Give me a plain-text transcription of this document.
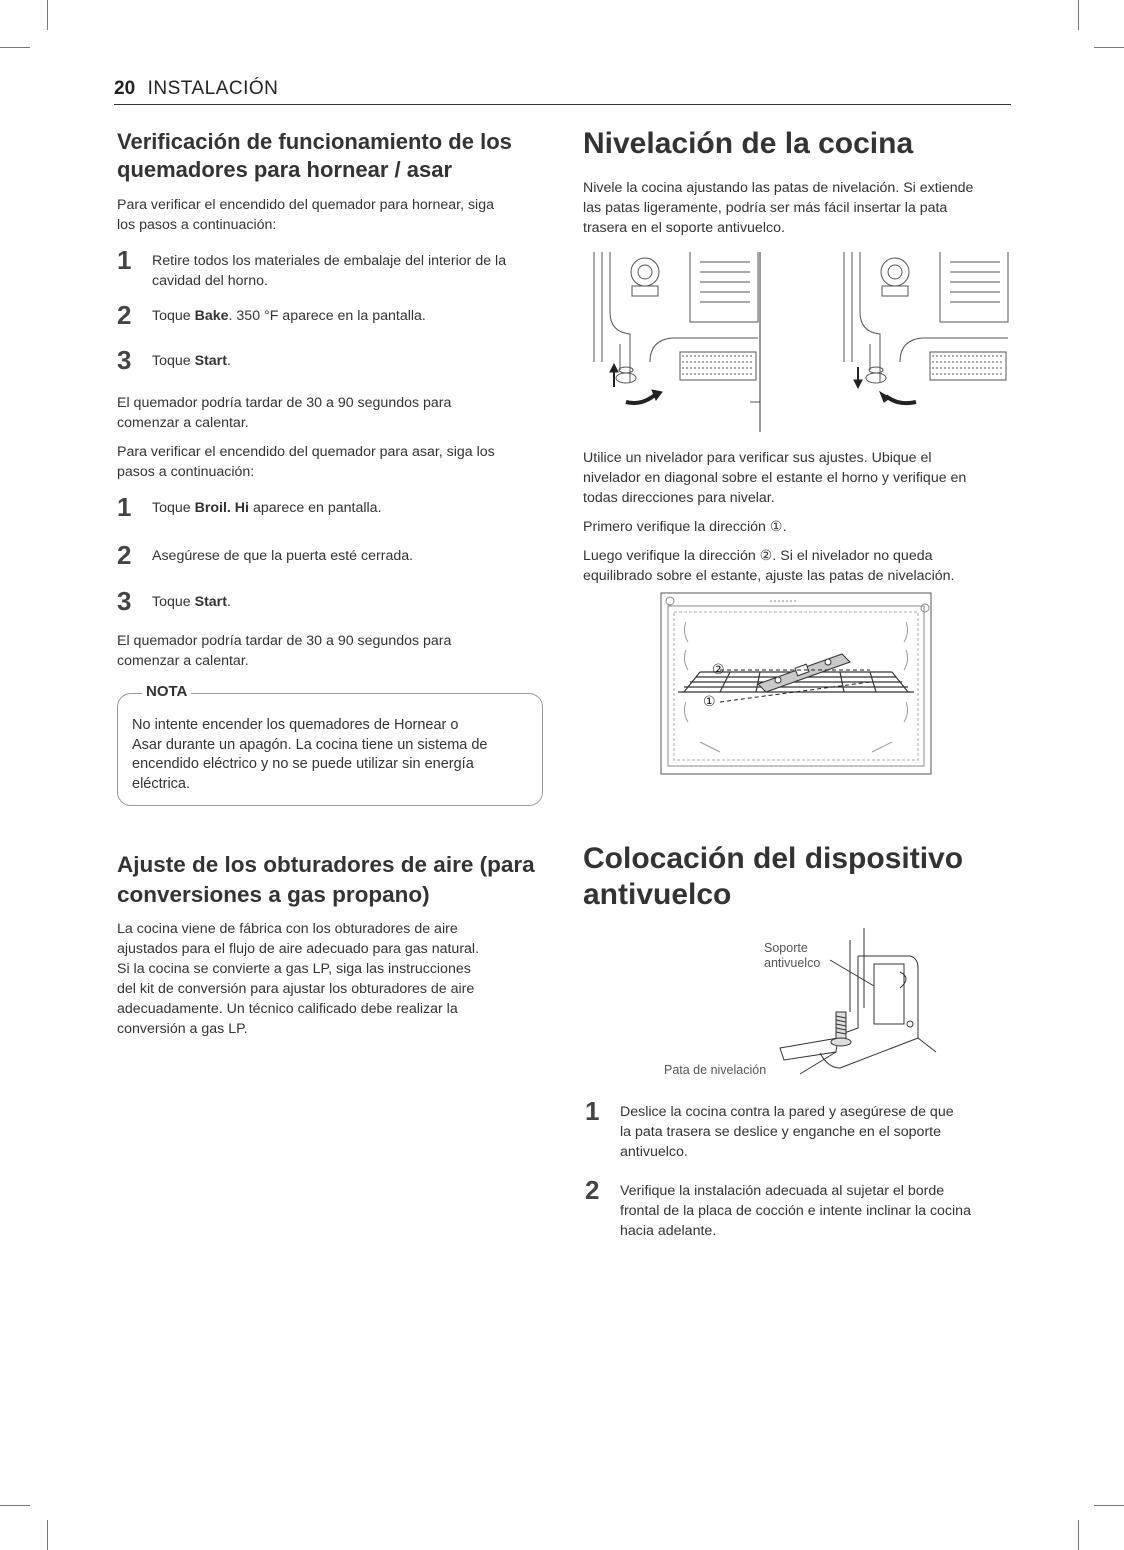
20 INSTALACIÓN
Verificación de funcionamiento de los
quemadores para hornear / asar

Para verificar el encendido del quemador para hornear, siga
los pasos a continuación:

1	Retire todos los materiales de embalaje del interior de la
cavidad del horno.
2	Toque Bake. 350 °F aparece en la pantalla.
3	Toque Start.

El quemador podría tardar de 30 a 90 segundos para
comenzar a calentar.

Para verificar el encendido del quemador para asar, siga los
pasos a continuación:

1	Toque Broil. Hi aparece en pantalla.
2	Asegúrese de que la puerta esté cerrada.
3	Toque Start.

El quemador podría tardar de 30 a 90 segundos para
comenzar a calentar.

NOTA

No intente encender los quemadores de Hornear o
Asar durante un apagón. La cocina tiene un sistema de
encendido eléctrico y no se puede utilizar sin energía
eléctrica.

Ajuste de los obturadores de aire (para
conversiones a gas propano)

La cocina viene de fábrica con los obturadores de aire
ajustados para el flujo de aire adecuado para gas natural.
Si la cocina se convierte a gas LP, siga las instrucciones
del kit de conversión para ajustar los obturadores de aire
adecuadamente. Un técnico calificado debe realizar la
conversión a gas LP.

Nivelación de la cocina

Nivele la cocina ajustando las patas de nivelación. Si extiende
las patas ligeramente, podría ser más fácil insertar la pata
trasera en el soporte antivuelco.

Utilice un nivelador para verificar sus ajustes. Ubique el
nivelador en diagonal sobre el estante el horno y verifique en
todas direcciones para nivelar.

Primero verifique la dirección ①.

Luego verifique la dirección ②. Si el nivelador no queda
equilibrado sobre el estante, ajuste las patas de nivelación.

②
①
Colocación del dispositivo
antivuelco
Soporte
antivuelco
Pata de nivelación
1	Deslice la cocina contra la pared y asegúrese de que
la pata trasera se deslice y enganche en el soporte
antivuelco.
2	Verifique la instalación adecuada al sujetar el borde
frontal de la placa de cocción e intente inclinar la cocina
hacia adelante.
